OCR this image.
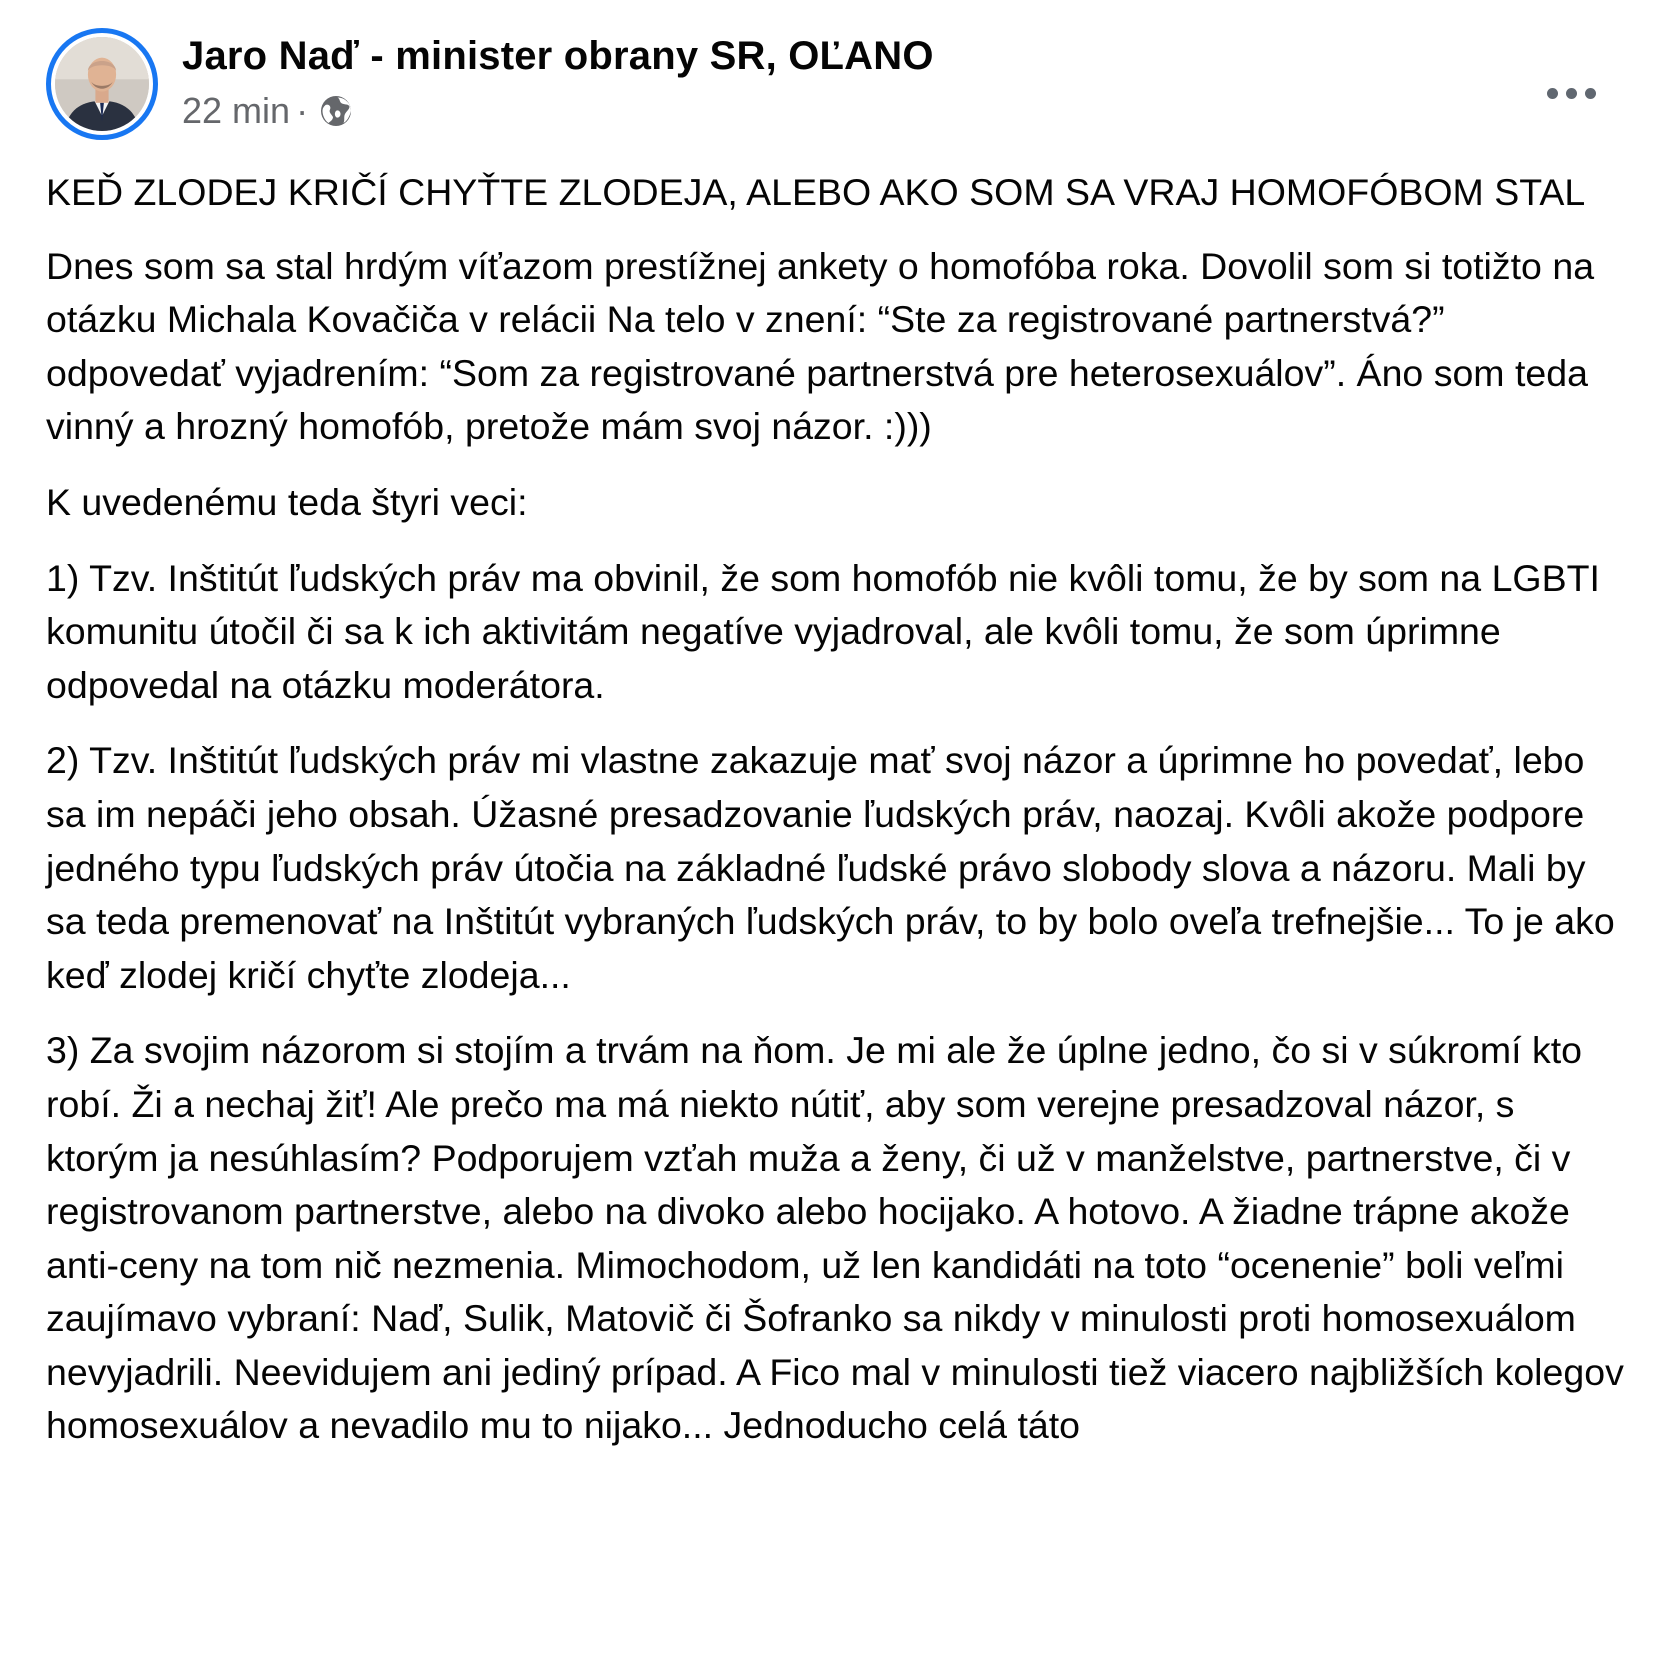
Jaro Naď - minister obrany SR, OĽANO
22 min ·

KEĎ ZLODEJ KRIČÍ CHYŤTE ZLODEJA, ALEBO AKO SOM SA VRAJ HOMOFÓBOM STAL

Dnes som sa stal hrdým víťazom prestížnej ankety o homofóba roka. Dovolil som si totižto na otázku Michala Kovačiča v relácii Na telo v znení: “Ste za registrované partnerstvá?” odpovedať vyjadrením: “Som za registrované partnerstvá pre heterosexuálov”. Áno som teda vinný a hrozný homofób, pretože mám svoj názor. :)))

K uvedenému teda štyri veci:

1) Tzv. Inštitút ľudských práv ma obvinil, že som homofób nie kvôli tomu, že by som na LGBTI komunitu útočil či sa k ich aktivitám negatíve vyjadroval, ale kvôli tomu, že som úprimne odpovedal na otázku moderátora.

2) Tzv. Inštitút ľudských práv mi vlastne zakazuje mať svoj názor a úprimne ho povedať, lebo sa im nepáči jeho obsah. Úžasné presadzovanie ľudských práv, naozaj. Kvôli akože podpore jedného typu ľudských práv útočia na základné ľudské právo slobody slova a názoru. Mali by sa teda premenovať na Inštitút vybraných ľudských práv, to by bolo oveľa trefnejšie... To je ako keď zlodej kričí chyťte zlodeja...

3) Za svojim názorom si stojím a trvám na ňom. Je mi ale že úplne jedno, čo si v súkromí kto robí. Ži a nechaj žiť! Ale prečo ma má niekto nútiť, aby som verejne presadzoval názor, s ktorým ja nesúhlasím? Podporujem vzťah muža a ženy, či už v manželstve, partnerstve, či v registrovanom partnerstve, alebo na divoko alebo hocijako. A hotovo. A žiadne trápne akože anti-ceny na tom nič nezmenia. Mimochodom, už len kandidáti na toto “ocenenie” boli veľmi zaujímavo vybraní: Naď, Sulik, Matovič či Šofranko sa nikdy v minulosti proti homosexuálom nevyjadrili. Neevidujem ani jediný prípad. A Fico mal v minulosti tiež viacero najbližších kolegov homosexuálov a nevadilo mu to nijako... Jednoducho celá táto
